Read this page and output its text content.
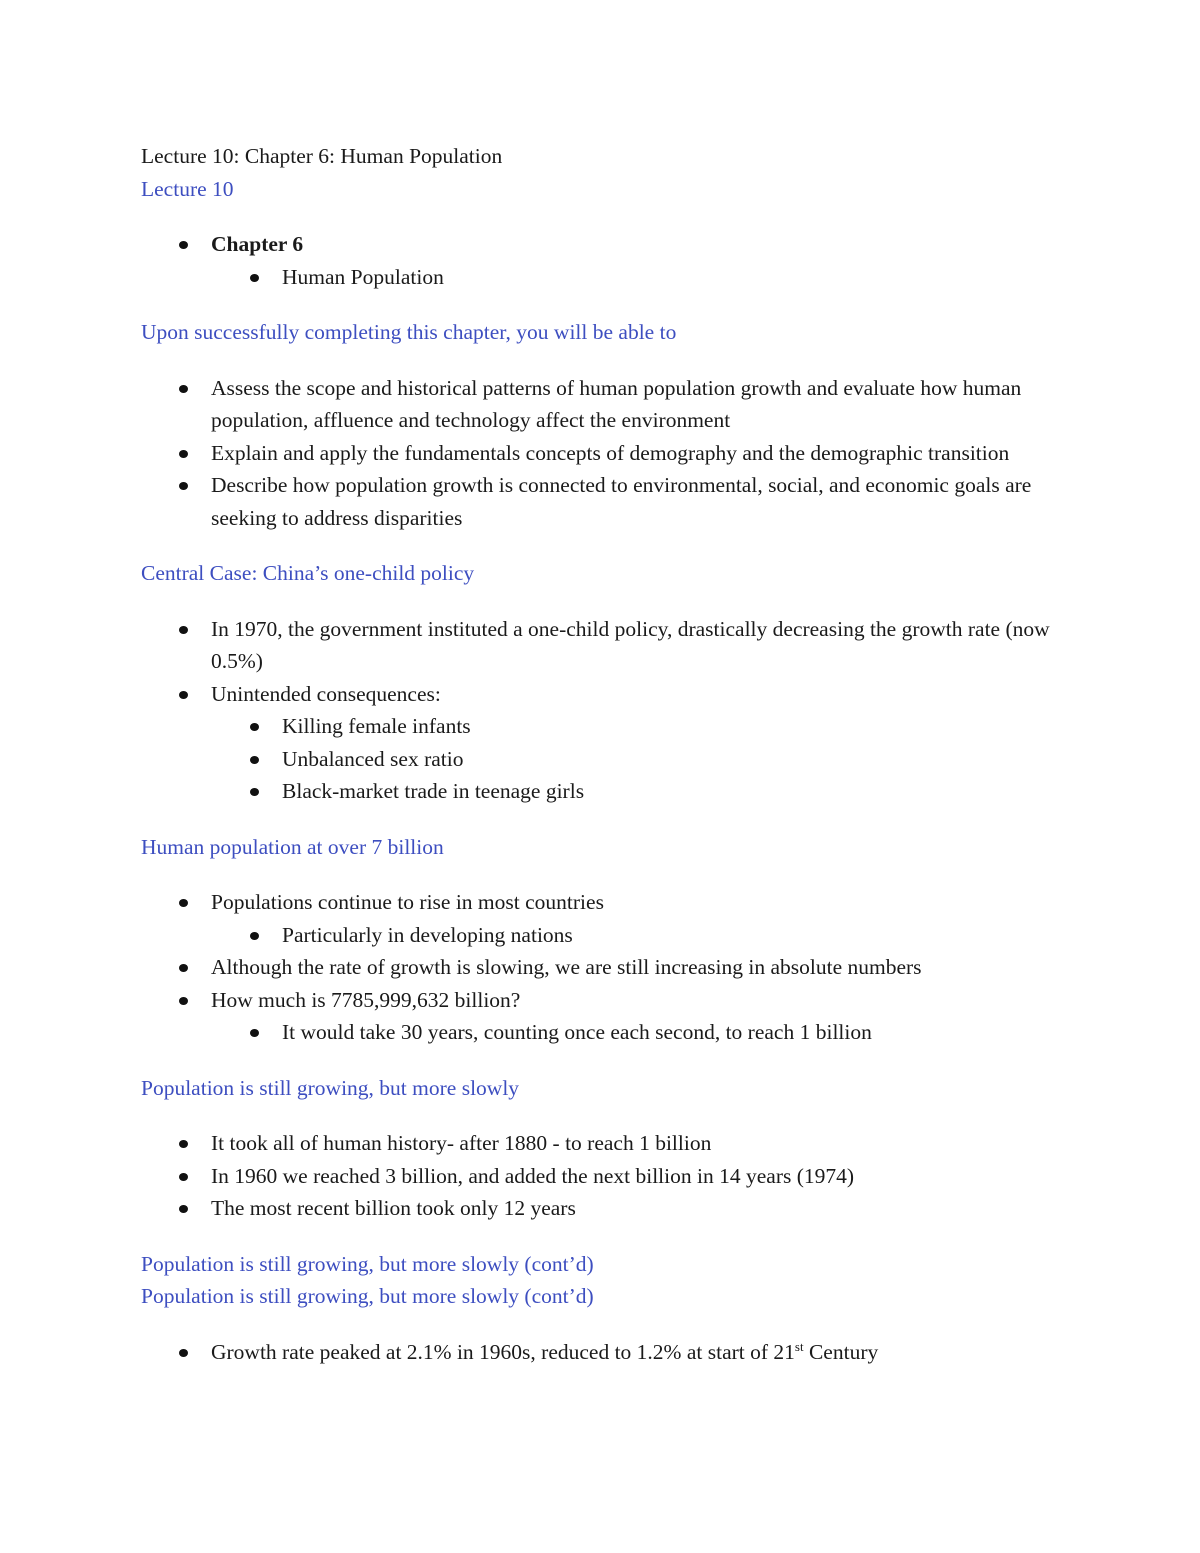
Lecture 10: Chapter 6: Human Population

Lecture 10

Chapter 6
Human Population

Upon successfully completing this chapter, you will be able to

Assess the scope and historical patterns of human population growth and evaluate how human population, affluence and technology affect the environment
Explain and apply the fundamentals concepts of demography and the demographic transition
Describe how population growth is connected to environmental, social, and economic goals are seeking to address disparities

Central Case: China’s one-child policy

In 1970, the government instituted a one-child policy, drastically decreasing the growth rate (now 0.5%)
Unintended consequences:
Killing female infants
Unbalanced sex ratio
Black-market trade in teenage girls

Human population at over 7 billion

Populations continue to rise in most countries
Particularly in developing nations
Although the rate of growth is slowing, we are still increasing in absolute numbers
How much is 7785,999,632 billion?
It would take 30 years, counting once each second, to reach 1 billion

Population is still growing, but more slowly

It took all of human history- after 1880 - to reach 1 billion
In 1960 we reached 3 billion, and added the next billion in 14 years (1974)
The most recent billion took only 12 years

Population is still growing, but more slowly (cont’d)

Population is still growing, but more slowly (cont’d)

Growth rate peaked at 2.1% in 1960s, reduced to 1.2% at start of 21st Century
